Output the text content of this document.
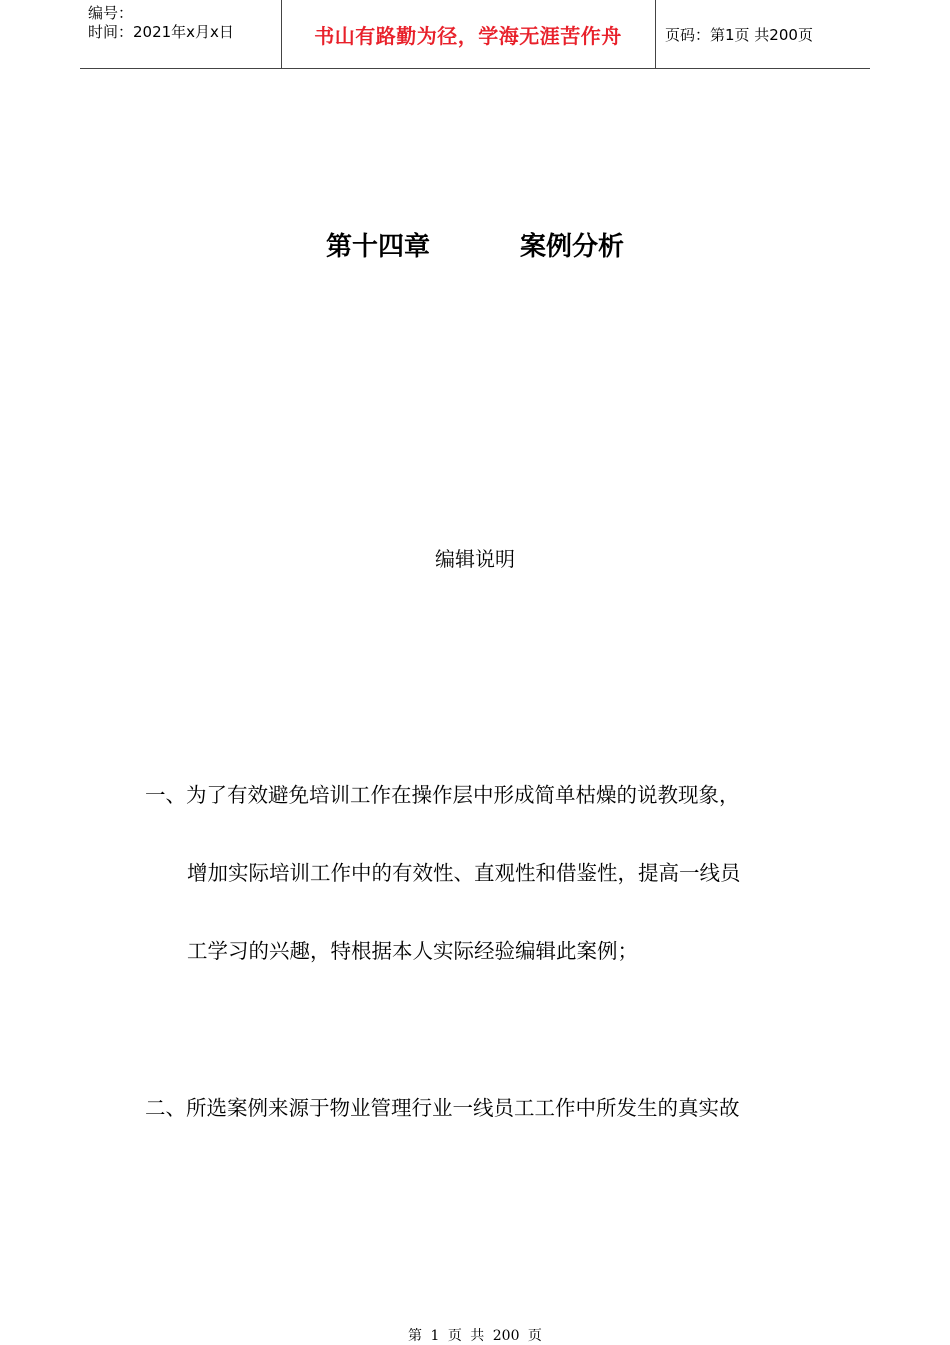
编号：
时间：2021年x月x日	书山有路勤为径，学海无涯苦作舟	页码：第1页 共200页
第十四章	案例分析
编辑说明
一、为了有效避免培训工作在操作层中形成简单枯燥的说教现象，
增加实际培训工作中的有效性、直观性和借鉴性，提高一线员
工学习的兴趣，特根据本人实际经验编辑此案例；
二、所选案例来源于物业管理行业一线员工工作中所发生的真实故
第 1 页 共 200 页
